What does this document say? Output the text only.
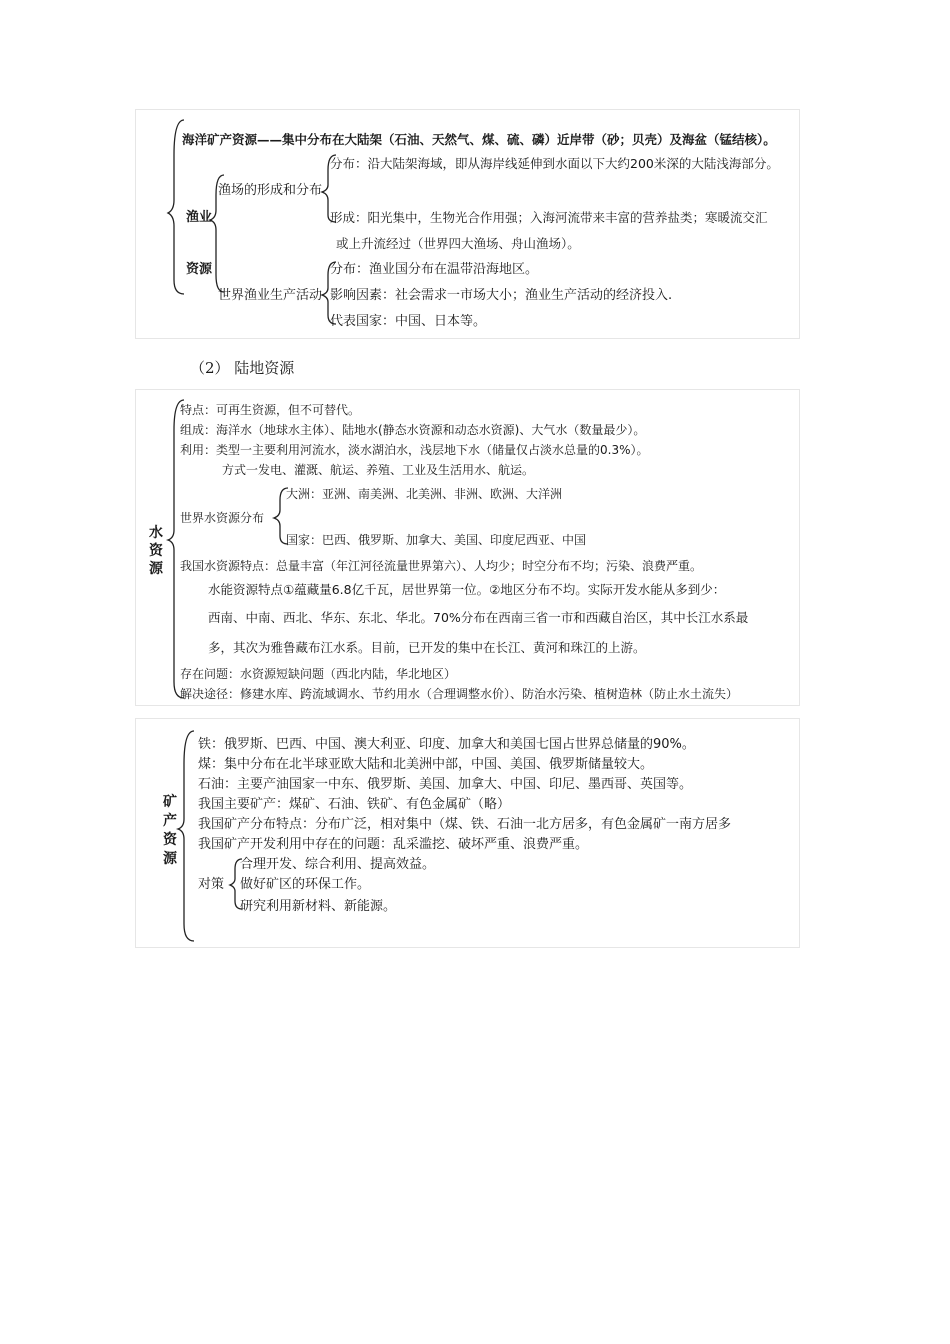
海洋矿产资源——集中分布在大陆架（石油、天然气、煤、硫、磷）近岸带（砂；贝壳）及海盆（锰结核）。
分布：沿大陆架海域，即从海岸线延伸到水面以下大约200米深的大陆浅海部分。
渔场的形成和分布
渔业	形成：阳光集中，生物光合作用强；入海河流带来丰富的营养盐类；寒暖流交汇
或上升流经过（世界四大渔场、舟山渔场）。
资源	分布：渔业国分布在温带沿海地区。
世界渔业生产活动 影响因素：社会需求一市场大小；渔业生产活动的经济投入.
代表国家：中国、日本等。
（2） 陆地资源
水
资
源
特点：可再生资源，但不可替代。
组成：海洋水（地球水主体）、陆地水(静态水资源和动态水资源)、大气水（数量最少）。
利用：类型一主要利用河流水，淡水湖泊水，浅层地下水（储量仅占淡水总量的0.3%）。
方式一发电、灌溉、航运、养殖、工业及生活用水、航运。
大洲：亚洲、南美洲、北美洲、非洲、欧洲、大洋洲
世界水资源分布
国家：巴西、俄罗斯、加拿大、美国、印度尼西亚、中国
我国水资源特点：总量丰富（年江河径流量世界第六）、人均少；时空分布不均；污染、浪费严重。
水能资源特点①蕴藏量6.8亿千瓦，居世界第一位。②地区分布不均。实际开发水能从多到少：
西南、中南、西北、华东、东北、华北。70%分布在西南三省一市和西藏自治区，其中长江水系最
多，其次为雅鲁藏布江水系。目前，已开发的集中在长江、黄河和珠江的上游。
存在问题：水资源短缺问题（西北内陆，华北地区）
解决途径：修建水库、跨流域调水、节约用水（合理调整水价）、防治水污染、植树造林（防止水土流失）
矿
产
资
源
铁：俄罗斯、巴西、中国、澳大利亚、印度、加拿大和美国七国占世界总储量的90%。
煤：集中分布在北半球亚欧大陆和北美洲中部，中国、美国、俄罗斯储量较大。
石油：主要产油国家一中东、俄罗斯、美国、加拿大、中国、印尼、墨西哥、英国等。
我国主要矿产：煤矿、石油、铁矿、有色金属矿（略）
我国矿产分布特点：分布广泛，相对集中（煤、铁、石油一北方居多，有色金属矿一南方居多
我国矿产开发利用中存在的问题：乱采滥挖、破坏严重、浪费严重。
合理开发、综合利用、提高效益。
对策 做好矿区的环保工作。
研究利用新材料、新能源。
